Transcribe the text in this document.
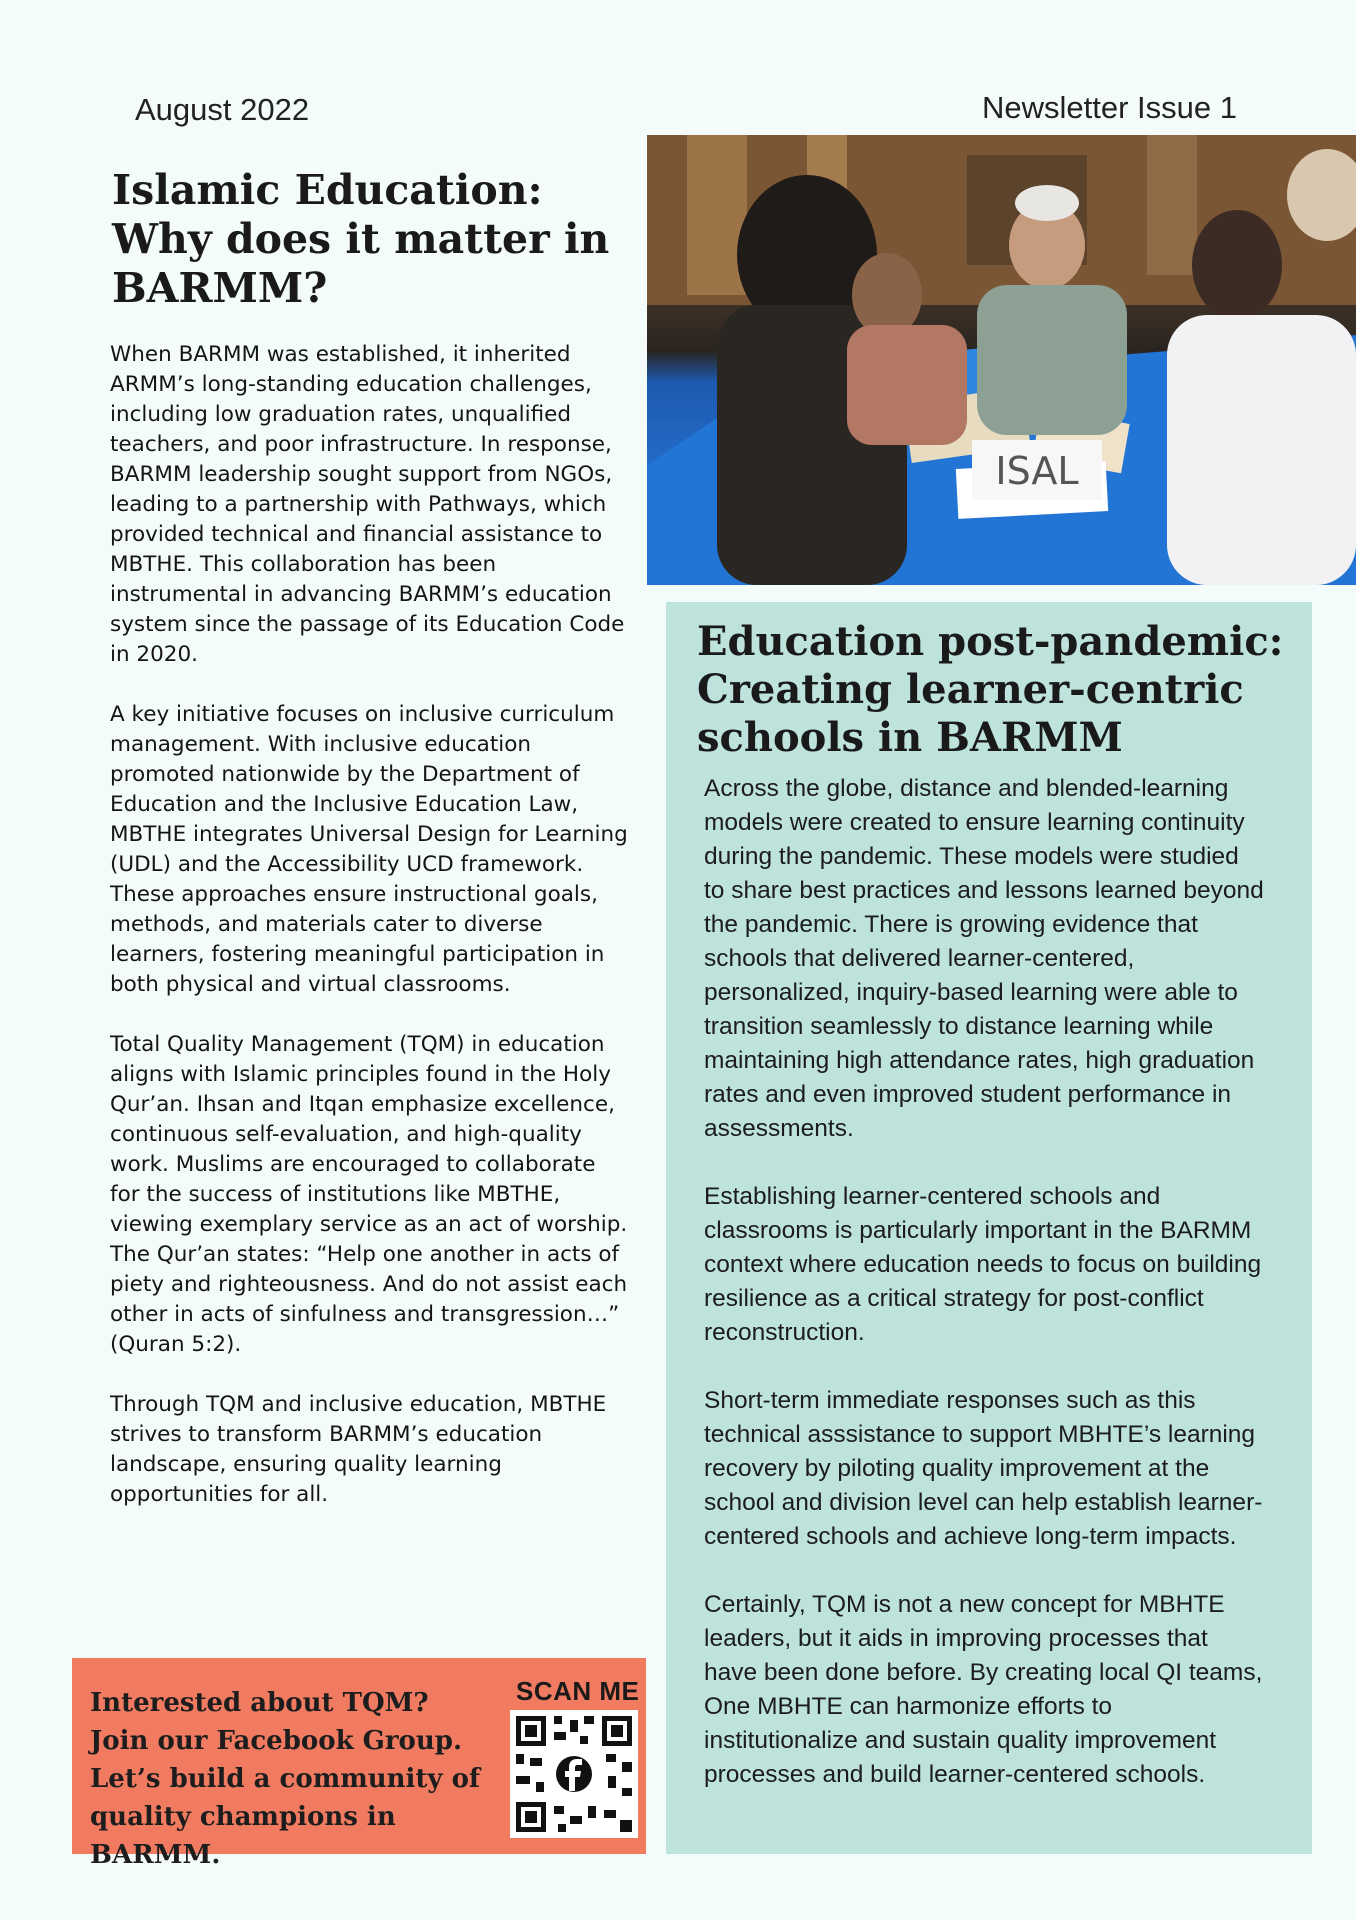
August 2022	Newsletter Issue 1
Islamic Education: Why does it matter in BARMM?

When BARMM was established, it inherited ARMM’s long-standing education challenges, including low graduation rates, unqualified teachers, and poor infrastructure. In response, BARMM leadership sought support from NGOs, leading to a partnership with Pathways, which provided technical and financial assistance to MBTHE. This collaboration has been instrumental in advancing BARMM’s education system since the passage of its Education Code in 2020.

A key initiative focuses on inclusive curriculum management. With inclusive education promoted nationwide by the Department of Education and the Inclusive Education Law, MBTHE integrates Universal Design for Learning (UDL) and the Accessibility UCD framework. These approaches ensure instructional goals, methods, and materials cater to diverse learners, fostering meaningful participation in both physical and virtual classrooms.

Total Quality Management (TQM) in education aligns with Islamic principles found in the Holy Qur’an. Ihsan and Itqan emphasize excellence, continuous self-evaluation, and high-quality work. Muslims are encouraged to collaborate for the success of institutions like MBTHE, viewing exemplary service as an act of worship. The Qur’an states: “Help one another in acts of piety and righteousness. And do not assist each other in acts of sinfulness and transgression…” (Quran 5:2).

Through TQM and inclusive education, MBTHE strives to transform BARMM’s education landscape, ensuring quality learning opportunities for all.

ISAL
Education post-pandemic: Creating learner-centric schools in BARMM

Across the globe, distance and blended-learning models were created to ensure learning continuity during the pandemic. These models were studied to share best practices and lessons learned beyond the pandemic. There is growing evidence that schools that delivered learner-centered, personalized, inquiry-based learning were able to transition seamlessly to distance learning while maintaining high attendance rates, high graduation rates and even improved student performance in assessments.

Establishing learner-centered schools and classrooms is particularly important in the BARMM context where education needs to focus on building resilience as a critical strategy for post-conflict reconstruction.

Short-term immediate responses such as this technical asssistance to support MBHTE’s learning recovery by piloting quality improvement at the school and division level can help establish learner-centered schools and achieve long-term impacts.

Certainly, TQM is not a new concept for MBHTE leaders, but it aids in improving processes that have been done before. By creating local QI teams, One MBHTE can harmonize efforts to institutionalize and sustain quality improvement processes and build learner-centered schools.

Interested about TQM? Join our Facebook Group. Let’s build a community of quality champions in BARMM.
SCAN ME
